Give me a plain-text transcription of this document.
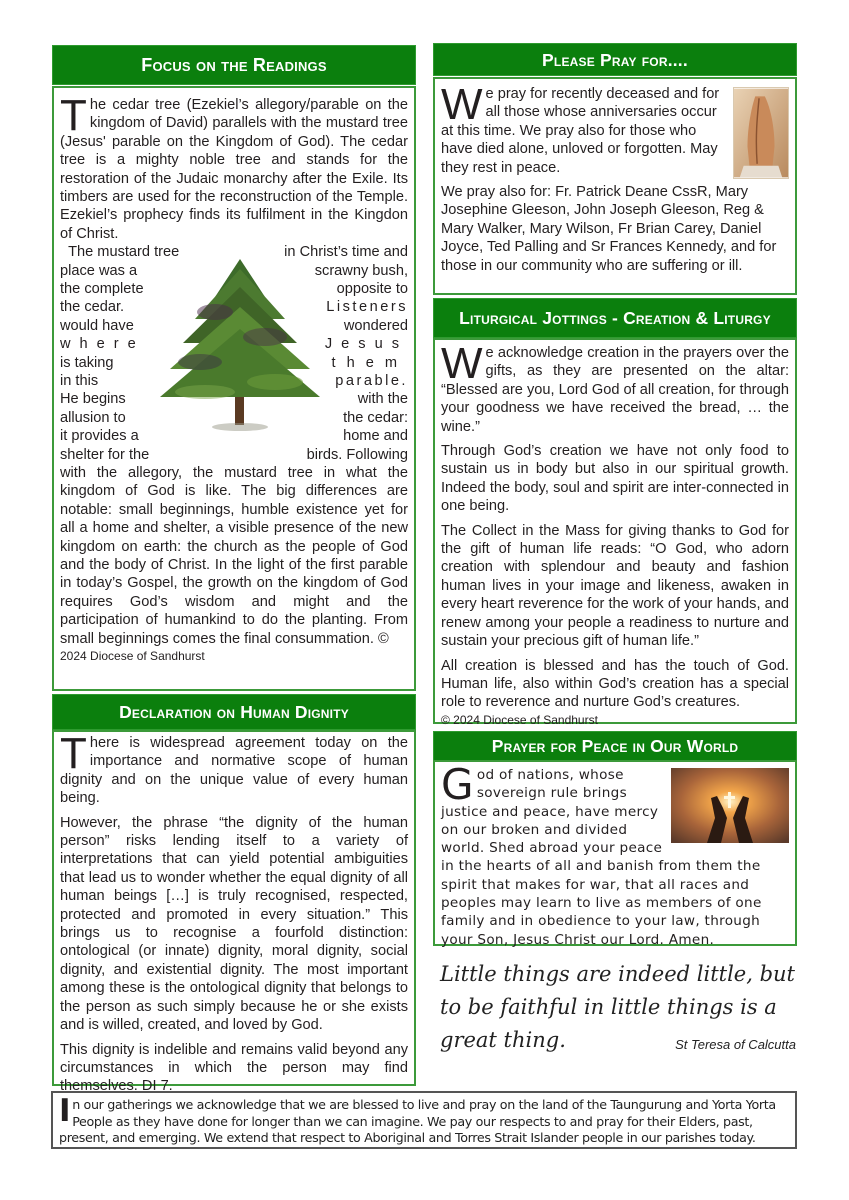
Focus on the Readings
The cedar tree (Ezekiel’s allegory/parable on the kingdom of David) parallels with the mustard tree (Jesus' parable on the Kingdom of God). The cedar tree is a mighty noble tree and stands for the restoration of the Judaic monarchy after the Exile. Its timbers are used for the reconstruction of the Temple. Ezekiel’s prophecy finds its fulfilment in the Kingdon of Christ.
The mustard tree	in Christ’s time and
place was a	scrawny bush,
the complete	opposite to
the cedar.	Listeners
would have	wondered
where	Jesus
is taking	them
in this	parable.
He begins	with the
allusion to	the cedar:
it provides a	home and
shelter for the	birds. Following
with the allegory, the mustard tree in what the kingdom of God is like. The big differences are notable: small beginnings, humble existence yet for all a home and shelter, a visible presence of the new kingdom on earth: the church as the people of God and the body of Christ. In the light of the first parable in today’s Gospel, the growth on the kingdom of God requires God’s wisdom and might and the participation of humankind to do the planting. From small beginnings comes the final consummation. ©
2024 Diocese of Sandhurst
Declaration on Human Dignity

There is widespread agreement today on the importance and normative scope of human dignity and on the unique value of every human being.

However, the phrase “the dignity of the human person” risks lending itself to a variety of interpretations that can yield potential ambiguities that lead us to wonder whether the equal dignity of all human beings […] is truly recognised, respected, protected and promoted in every situation.” This brings us to recognise a fourfold distinction: ontological (or innate) dignity, moral dignity, social dignity, and existential dignity. The most important among these is the ontological dignity that belongs to the person as such simply because he or she exists and is willed, created, and loved by God.

This dignity is indelible and remains valid beyond any circumstances in which the person may find themselves. DI 7.

Please Pray for....

We pray for recently deceased and for all those whose anniversaries occur at this time. We pray also for those who have died alone, unloved or forgotten. May they rest in peace.

We pray also for: Fr. Patrick Deane CssR, Mary Josephine Gleeson, John Joseph Gleeson, Reg & Mary Walker, Mary Wilson, Fr Brian Carey, Daniel Joyce, Ted Palling and Sr Frances Kennedy, and for those in our community who are suffering or ill.

Liturgical Jottings - Creation & Liturgy

We acknowledge creation in the prayers over the gifts, as they are presented on the altar: “Blessed are you, Lord God of all creation, for through your goodness we have received the bread, … the wine.”

Through God’s creation we have not only food to sustain us in body but also in our spiritual growth. Indeed the body, soul and spirit are inter-connected in one being.

The Collect in the Mass for giving thanks to God for the gift of human life reads: “O God, who adorn creation with splendour and beauty and fashion human lives in your image and likeness, awaken in every heart reverence for the work of your hands, and renew among your people a readiness to nurture and sustain your precious gift of human life.”

All creation is blessed and has the touch of God. Human life, also within God’s creation has a special role to reverence and nurture God’s creatures.

© 2024 Diocese of Sandhurst
Prayer for Peace in Our World
God of nations, whose sovereign rule brings justice and peace, have mercy on our broken and divided world. Shed abroad your peace in the hearts of all and banish from them the spirit that makes for war, that all races and peoples may learn to live as members of one family and in obedience to your law, through your Son, Jesus Christ our Lord. Amen.
Little things are indeed little, but to be faithful in little things is a great thing.	St Teresa of Calcutta
In our gatherings we acknowledge that we are blessed to live and pray on the land of the Taungurung and Yorta Yorta People as they have done for longer than we can imagine. We pay our respects to and pray for their Elders, past, present, and emerging. We extend that respect to Aboriginal and Torres Strait Islander people in our parishes today.
